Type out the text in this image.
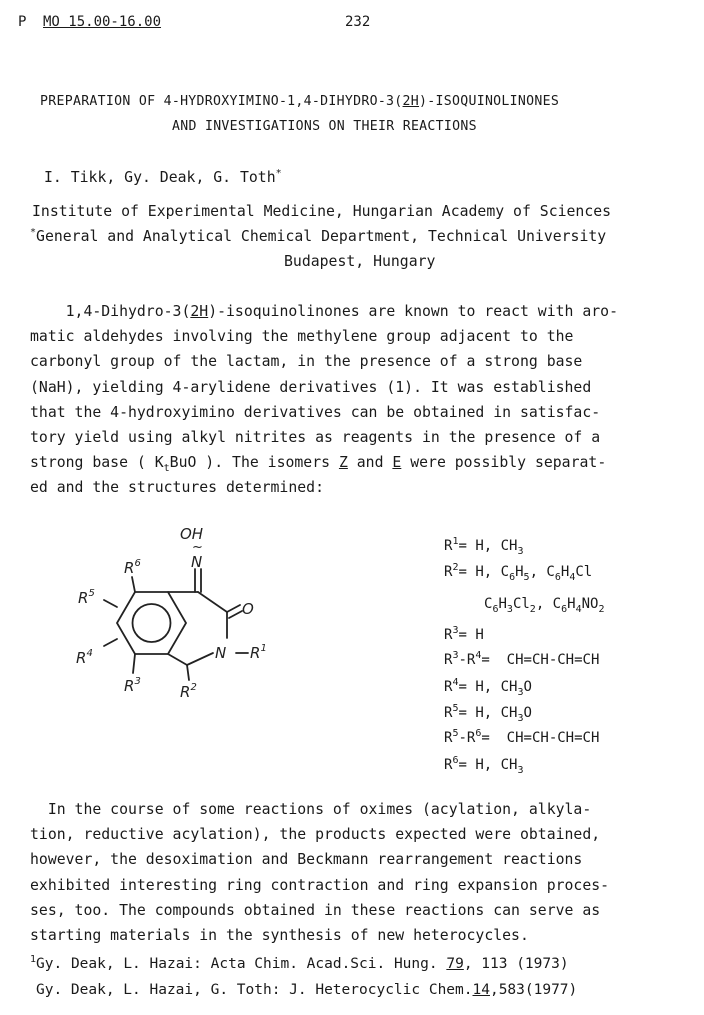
P MO 15.00-16.00	232
PREPARATION OF 4-HYDROXYIMINO-1,4-DIHYDRO-3(2H)-ISOQUINOLINONES
AND INVESTIGATIONS ON THEIR REACTIONS
I. Tikk, Gy. Deak, G. Toth*
Institute of Experimental Medicine, Hungarian Academy of Sciences
*General and Analytical Chemical Department, Technical University
Budapest, Hungary
1,4-Dihydro-3(2H)-isoquinolinones are known to react with aro-
matic aldehydes involving the methylene group adjacent to the
carbonyl group of the lactam, in the presence of a strong base
(NaH), yielding 4-arylidene derivatives (1). It was established
that the 4-hydroxyimino derivatives can be obtained in satisfac-
tory yield using alkyl nitrites as reagents in the presence of a
strong base ( $K_tBuO$ ). The isomers Z and E were possibly separat-
ed and the structures determined:
OH
~
N
O
N $R^1$
$R^6$
$R^5$
$R^4$
$R^3$
$R^2$
$R^1= H$, $CH_3$
$R^2= H$, $C_6H_5$, $C_6H_4Cl$
$C_6H_3Cl_2$, $C_6H_4NO_2$
$R^3= H$
$R^3-R^4= CH=CH-CH=CH$
$R^4= H$, $CH_3O$
$R^5= H$, $CH_3O$
$R^5-R^6= CH=CH-CH=CH$
$R^6= H$, $CH_3$
In the course of some reactions of oximes (acylation, alkyla-
tion, reductive acylation), the products expected were obtained,
however, the desoximation and Beckmann rearrangement reactions
exhibited interesting ring contraction and ring expansion proces-
ses, too. The compounds obtained in these reactions can serve as
starting materials in the synthesis of new heterocycles.
$^1$Gy. Deak, L. Hazai: Acta Chim. Acad.Sci. Hung. 79, 113 (1973)
Gy. Deak, L. Hazai, G. Toth: J. Heterocyclic Chem.14,583(1977)
